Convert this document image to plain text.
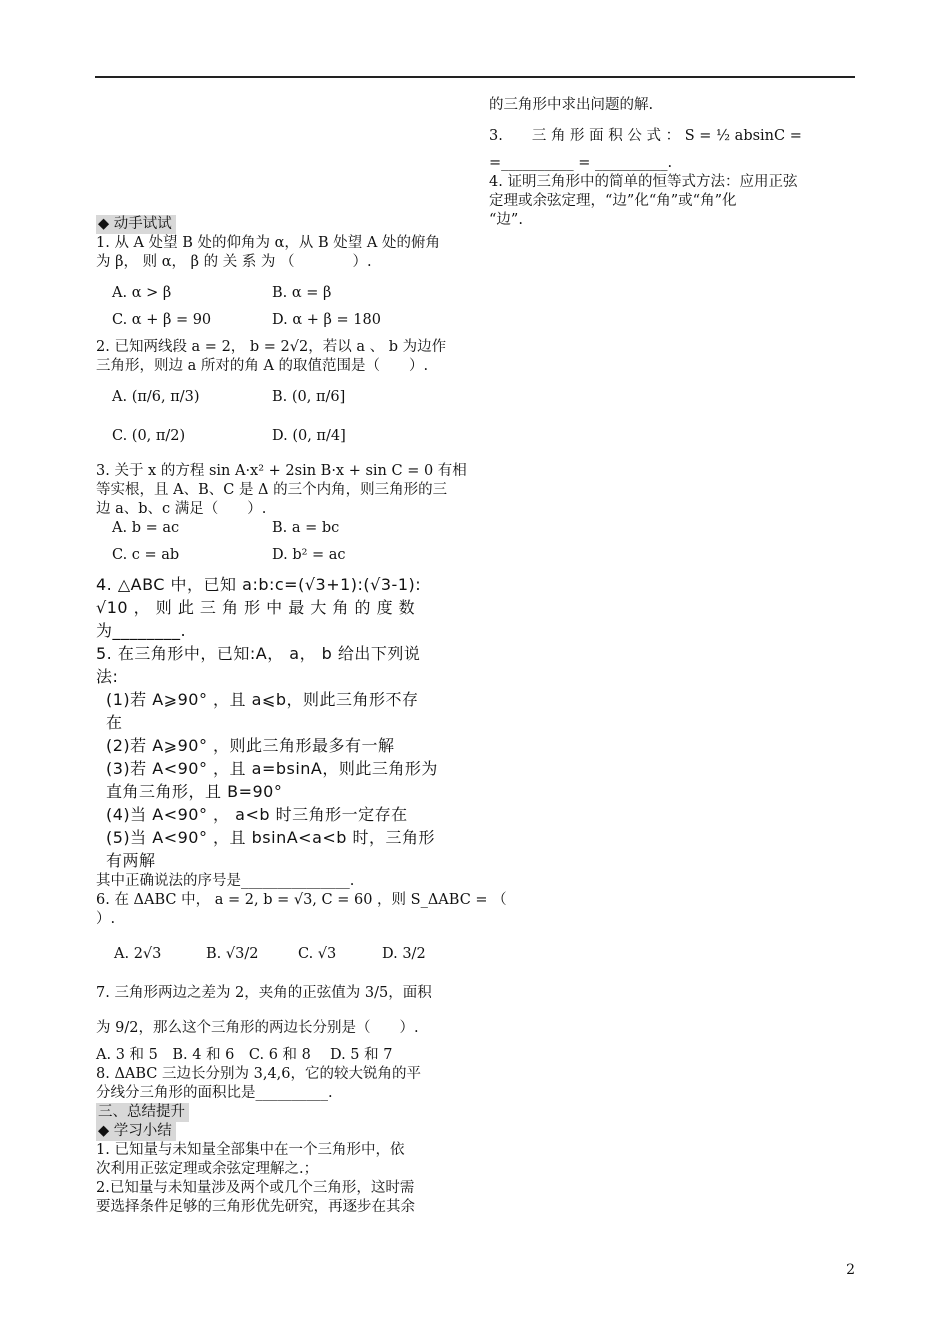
◆ 动手试试
1. 从 A 处望 B 处的仰角为 α，从 B 处望 A 处的俯角
为 β， 则 α， β 的 关 系 为 （　　　　）.
A. α > β	B. α = β
C. α + β = 90	D. α + β = 180
2. 已知两线段 a = 2， b = 2√2，若以 a 、 b 为边作
三角形，则边 a 所对的角 A 的取值范围是（　　）.
A. (π/6, π/3)	B. (0, π/6]
C. (0, π/2)	D. (0, π/4]
3. 关于 x 的方程 sin A·x² + 2sin B·x + sin C = 0 有相
等实根，且 A、B、C 是 Δ 的三个内角，则三角形的三
边 a、b、c 满足（　　）.
A. b = ac	B. a = bc
C. c = ab	D. b² = ac
4. △ABC 中，已知 a:b:c=(√3+1):(√3-1):
√10 ， 则 此 三 角 形 中 最 大 角 的 度 数
为________.
5. 在三角形中，已知:A， a， b 给出下列说
法:
(1)若 A⩾90° ，且 a⩽b，则此三角形不存
在
(2)若 A⩾90° ，则此三角形最多有一解
(3)若 A<90° ，且 a=bsinA，则此三角形为
直角三角形，且 B=90°
(4)当 A<90° ， a<b 时三角形一定存在
(5)当 A<90° ，且 bsinA<a<b 时，三角形
有两解
其中正确说法的序号是_______________.
6. 在 ΔABC 中， a = 2, b = √3, C = 60 ，则 S_ΔABC = （
）.
A. 2√3	B. √3/2	C. √3	D. 3/2
7. 三角形两边之差为 2，夹角的正弦值为 3/5，面积
为 9/2，那么这个三角形的两边长分别是（　　）.
A. 3 和 5　B. 4 和 6　C. 6 和 8　 D. 5 和 7
8. ΔABC 三边长分别为 3,4,6，它的较大锐角的平
分线分三角形的面积比是__________.
三、总结提升
◆ 学习小结
1. 已知量与未知量全部集中在一个三角形中，依
次利用正弦定理或余弦定理解之.；
2.已知量与未知量涉及两个或几个三角形，这时需
要选择条件足够的三角形优先研究，再逐步在其余
的三角形中求出问题的解.
3.　　三 角 形 面 积 公 式 ： S = ½ absinC =
=__________ = __________.
4. 证明三角形中的简单的恒等式方法：应用正弦
定理或余弦定理，“边”化“角”或“角”化
“边”.
2
